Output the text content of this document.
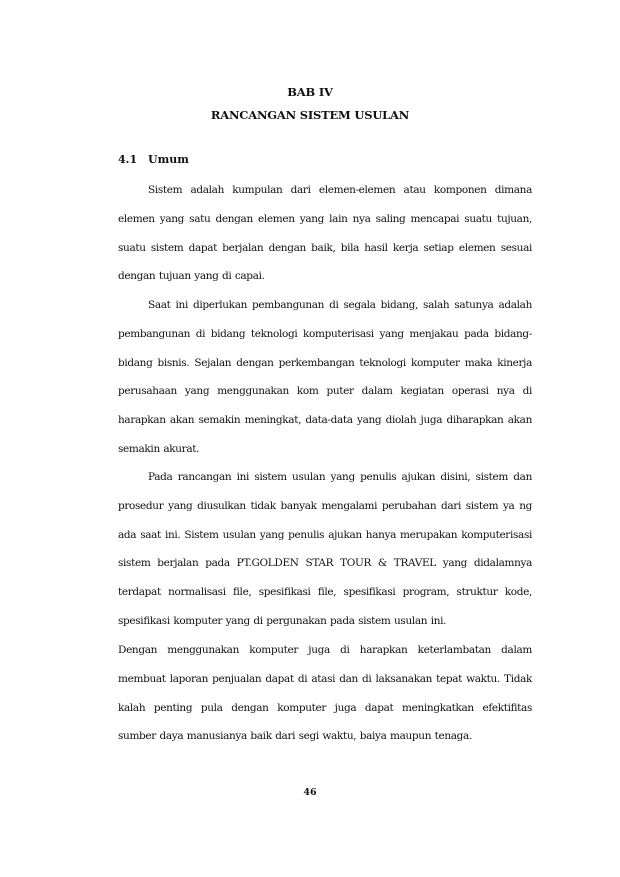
BAB IV
RANCANGAN SISTEM USULAN
4.1 Umum

Sistem adalah kumpulan dari elemen-elemen atau komponen dimana elemen yang satu dengan elemen yang lain nya saling mencapai suatu tujuan, suatu sistem dapat berjalan dengan baik, bila hasil kerja setiap elemen sesuai dengan tujuan yang di capai.

Saat ini diperlukan pembangunan di segala bidang, salah satunya adalah pembangunan di bidang teknologi komputerisasi yang menjakau pada bidang-bidang bisnis. Sejalan dengan perkembangan teknologi komputer maka kinerja perusahaan yang menggunakan kom puter dalam kegiatan operasi nya di harapkan akan semakin meningkat, data-data yang diolah juga diharapkan akan semakin akurat.

Pada rancangan ini sistem usulan yang penulis ajukan disini, sistem dan prosedur yang diusulkan tidak banyak mengalami perubahan dari sistem ya ng ada saat ini. Sistem usulan yang penulis ajukan hanya merupakan komputerisasi sistem berjalan pada PT.GOLDEN STAR TOUR & TRAVEL yang didalamnya terdapat normalisasi file, spesifikasi file, spesifikasi program, struktur kode, spesifikasi komputer yang di pergunakan pada sistem usulan ini.

Dengan menggunakan komputer juga di harapkan keterlambatan dalam membuat laporan penjualan dapat di atasi dan di laksanakan tepat waktu. Tidak kalah penting pula dengan komputer juga dapat meningkatkan efektifitas sumber daya manusianya baik dari segi waktu, baiya maupun tenaga.

46
